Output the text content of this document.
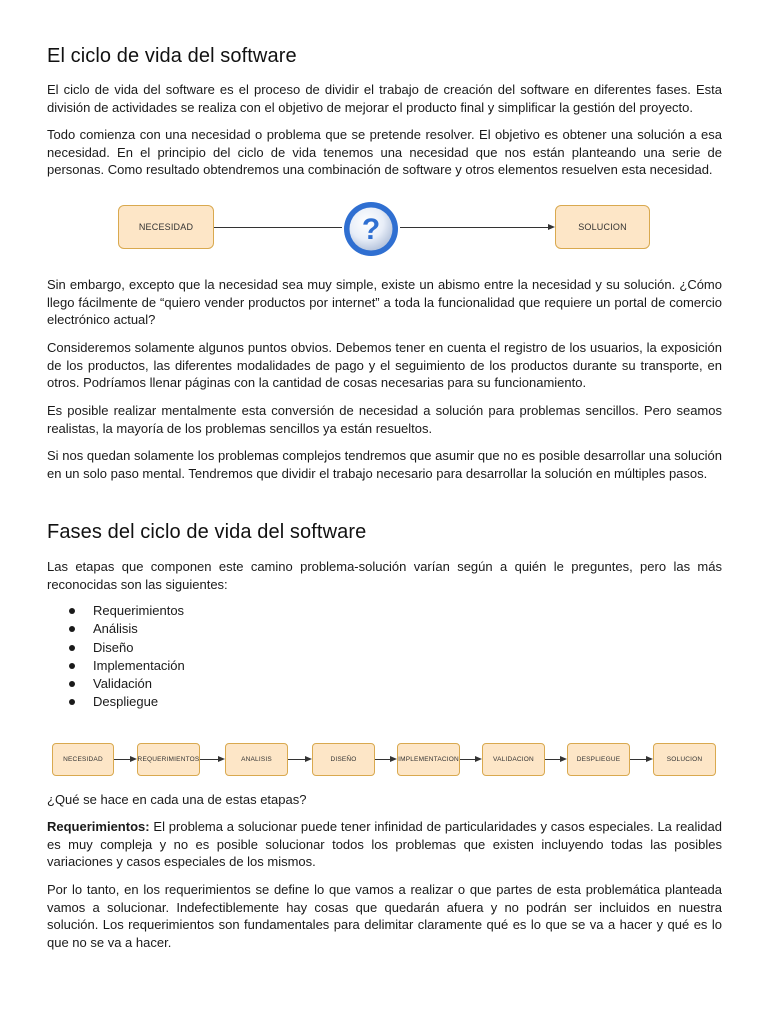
El ciclo de vida del software

El ciclo de vida del software es el proceso de dividir el trabajo de creación del software en diferentes fases. Esta división de actividades se realiza con el objetivo de mejorar el producto final y simplificar la gestión del proyecto.

Todo comienza con una necesidad o problema que se pretende resolver. El objetivo es obtener una solución a esa necesidad. En el principio del ciclo de vida tenemos una necesidad que nos están planteando una serie de personas. Como resultado obtendremos una combinación de software y otros elementos resuelven esta necesidad.

NECESIDAD	?	SOLUCION

Sin embargo, excepto que la necesidad sea muy simple, existe un abismo entre la necesidad y su solución. ¿Cómo llego fácilmente de “quiero vender productos por internet” a toda la funcionalidad que requiere un portal de comercio electrónico actual?

Consideremos solamente algunos puntos obvios. Debemos tener en cuenta el registro de los usuarios, la exposición de los productos, las diferentes modalidades de pago y el seguimiento de los productos durante su transporte, en otros. Podríamos llenar páginas con la cantidad de cosas necesarias para su funcionamiento.

Es posible realizar mentalmente esta conversión de necesidad a solución para problemas sencillos. Pero seamos realistas, la mayoría de los problemas sencillos ya están resueltos.

Si nos quedan solamente los problemas complejos tendremos que asumir que no es posible desarrollar una solución en un solo paso mental. Tendremos que dividir el trabajo necesario para desarrollar la solución en múltiples pasos.

Fases del ciclo de vida del software

Las etapas que componen este camino problema-solución varían según a quién le preguntes, pero las más reconocidas son las siguientes:

Requerimientos
Análisis
Diseño
Implementación
Validación
Despliegue
NECESIDAD	REQUERIMIENTOS	ANALISIS	DISEÑO	IMPLEMENTACION	VALIDACION	DESPLIEGUE	SOLUCION

¿Qué se hace en cada una de estas etapas?

Requerimientos: El problema a solucionar puede tener infinidad de particularidades y casos especiales. La realidad es muy compleja y no es posible solucionar todos los problemas que existen incluyendo todas las posibles variaciones y casos especiales de los mismos.

Por lo tanto, en los requerimientos se define lo que vamos a realizar o que partes de esta problemática planteada vamos a solucionar. Indefectiblemente hay cosas que quedarán afuera y no podrán ser incluidos en nuestra solución. Los requerimientos son fundamentales para delimitar claramente qué es lo que se va a hacer y qué es lo que no se va a hacer.
